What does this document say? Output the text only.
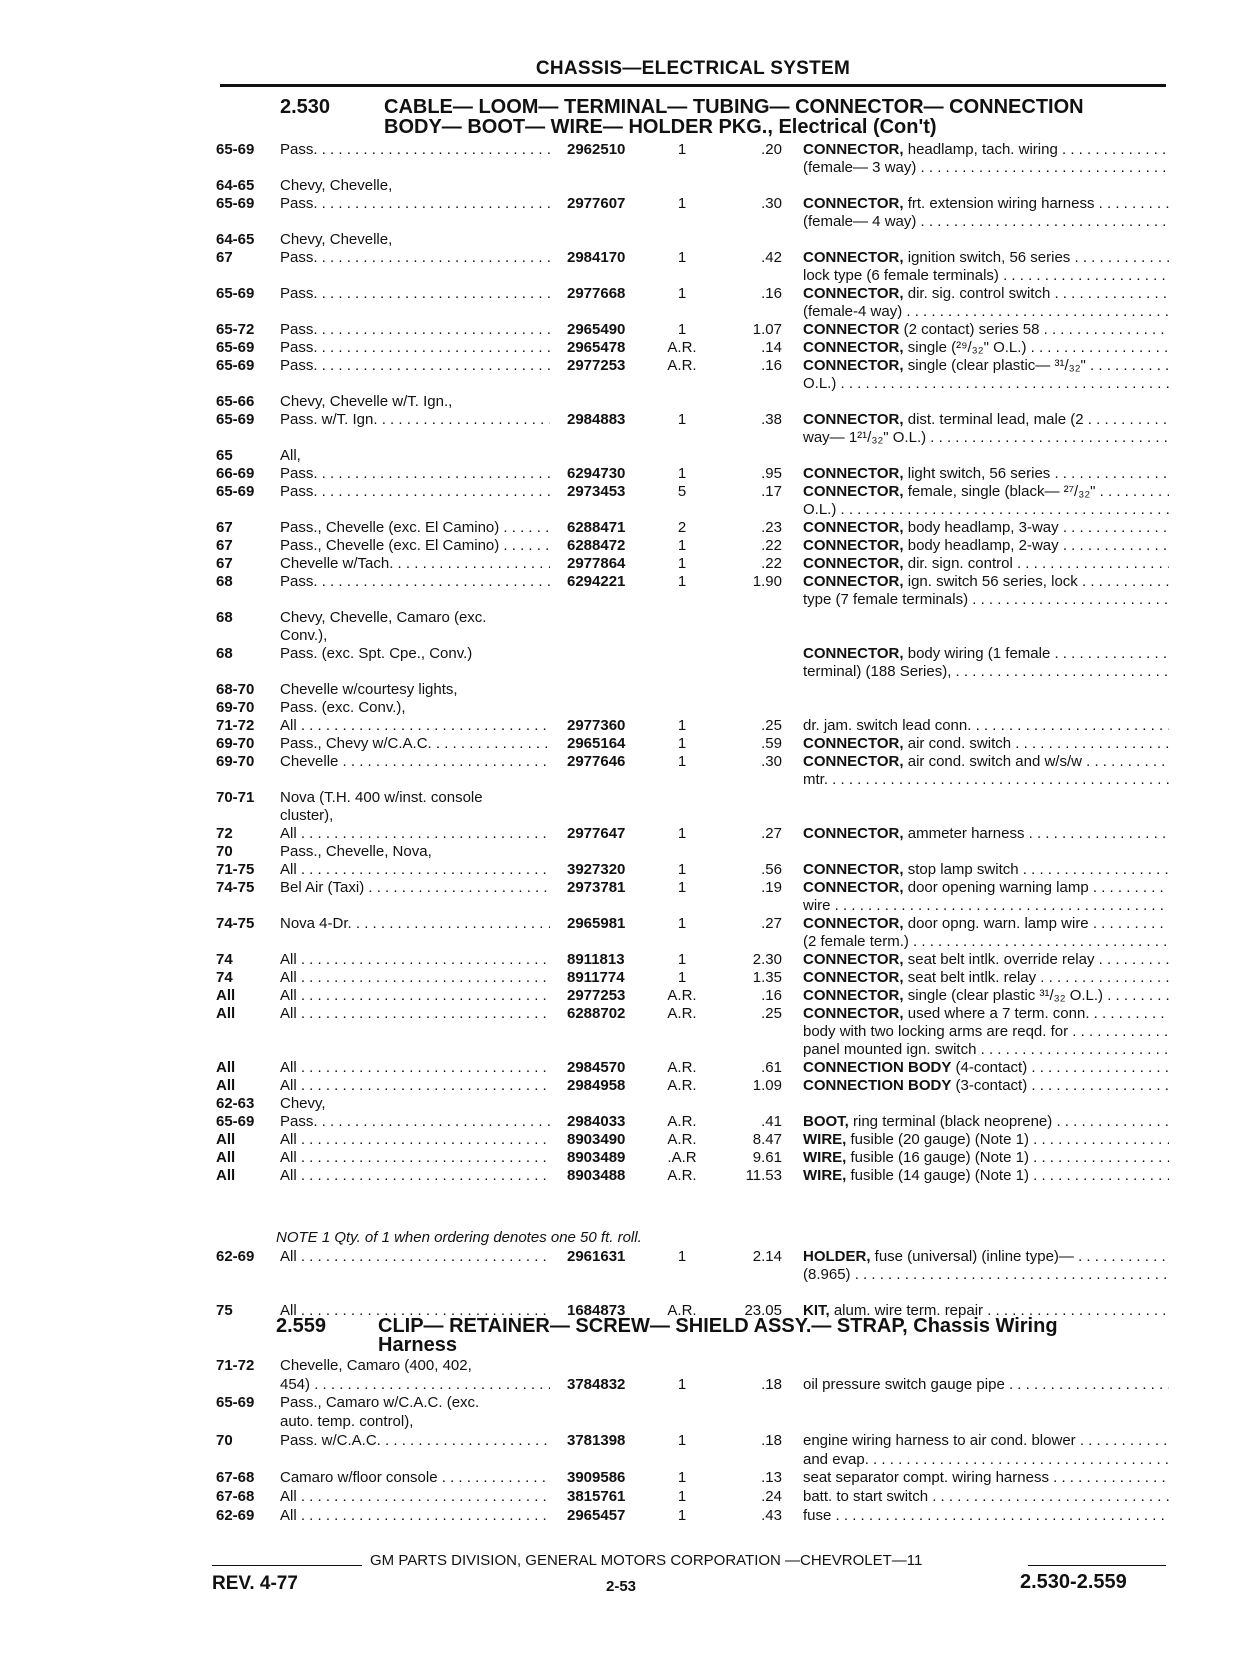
CHASSIS—ELECTRICAL SYSTEM
2.530	CABLE— LOOM— TERMINAL— TUBING— CONNECTOR— CONNECTION
BODY— BOOT— WIRE— HOLDER PKG., Electrical (Con't)
65-69	Pass. . . .	2962510	1	.20 CONNECTOR, headlamp, tach. wiring . . .
(female— 3 way) . . .
64-65	Chevy, Chevelle,
65-69	Pass. . . .	2977607	1	.30 CONNECTOR, frt. extension wiring harness . . .
(female— 4 way) . . .
64-65	Chevy, Chevelle,
67	Pass. . . .	2984170	1	.42 CONNECTOR, ignition switch, 56 series . . .
lock type (6 female terminals) . . .
65-69	Pass. . . .	2977668	1	.16 CONNECTOR, dir. sig. control switch . . .
(female-4 way) . . .
65-72	Pass. . . .	2965490	1	1.07 CONNECTOR (2 contact) series 58 . . .
65-69	Pass. . . .	2965478	A.R.	.14 CONNECTOR, single (²⁹/₃₂" O.L.) . . .
65-69	Pass. . . .	2977253	A.R.	.16 CONNECTOR, single (clear plastic— ³¹/₃₂" . . .
O.L.) . . .
65-66	Chevy, Chevelle w/T. Ign.,
65-69	Pass. w/T. Ign. . . .	2984883	1	.38 CONNECTOR, dist. terminal lead, male (2 . . .
way— 1²¹/₃₂" O.L.) . . .
65	All,
66-69	Pass. . . .	6294730	1	.95 CONNECTOR, light switch, 56 series . . .
65-69	Pass. . . .	2973453	5	.17 CONNECTOR, female, single (black— ²⁷/₃₂" . . .
O.L.) . . .
67	Pass., Chevelle (exc. El Camino) . . .	6288471	2	.23 CONNECTOR, body headlamp, 3-way . . .
67	Pass., Chevelle (exc. El Camino) . . .	6288472	1	.22 CONNECTOR, body headlamp, 2-way . . .
67	Chevelle w/Tach. . . .	2977864	1	.22 CONNECTOR, dir. sign. control . . .
68	Pass. . . .	6294221	1	1.90 CONNECTOR, ign. switch 56 series, lock . . .
type (7 female terminals) . . .
68	Chevy, Chevelle, Camaro (exc.
Conv.),
68	Pass. (exc. Spt. Cpe., Conv.)	CONNECTOR, body wiring (1 female . . .
terminal) (188 Series), . . .
68-70	Chevelle w/courtesy lights,
69-70	Pass. (exc. Conv.),
71-72	All . . .	2977360	1	.25 dr. jam. switch lead conn. . . .
69-70	Pass., Chevy w/C.A.C. . . .	2965164	1	.59 CONNECTOR, air cond. switch . . .
69-70	Chevelle . . .	2977646	1	.30 CONNECTOR, air cond. switch and w/s/w . . .
mtr. . . .
70-71	Nova (T.H. 400 w/inst. console
cluster),
72	All . . .	2977647	1	.27 CONNECTOR, ammeter harness . . .
70	Pass., Chevelle, Nova,
71-75	All . . .	3927320	1	.56 CONNECTOR, stop lamp switch . . .
74-75	Bel Air (Taxi) . . .	2973781	1	.19 CONNECTOR, door opening warning lamp . . .
wire . . .
74-75	Nova 4-Dr. . . .	2965981	1	.27 CONNECTOR, door opng. warn. lamp wire . . .
(2 female term.) . . .
74	All . . .	8911813	1	2.30 CONNECTOR, seat belt intlk. override relay . . .
74	All . . .	8911774	1	1.35 CONNECTOR, seat belt intlk. relay . . .
All	All . . .	2977253	A.R.	.16 CONNECTOR, single (clear plastic ³¹/₃₂ O.L.) . . .
All	All . . .	6288702	A.R.	.25 CONNECTOR, used where a 7 term. conn. . . .
body with two locking arms are reqd. for . . .
panel mounted ign. switch . . .
All	All . . .	2984570	A.R.	.61 CONNECTION BODY (4-contact) . . .
All	All . . .	2984958	A.R.	1.09 CONNECTION BODY (3-contact) . . .
62-63	Chevy,
65-69	Pass. . . .	2984033	A.R.	.41 BOOT, ring terminal (black neoprene) . . .
All	All . . .	8903490	A.R.	8.47 WIRE, fusible (20 gauge) (Note 1) . . .
All	All . . .	8903489	.A.R	9.61 WIRE, fusible (16 gauge) (Note 1) . . .
All	All . . .	8903488	A.R.	11.53 WIRE, fusible (14 gauge) (Note 1) . . .
NOTE 1 Qty. of 1 when ordering denotes one 50 ft. roll.
62-69	All . . .	2961631	1	2.14 HOLDER, fuse (universal) (inline type)— . . .
(8.965) . . .
75	All . . .	1684873	A.R.	23.05 KIT, alum. wire term. repair . . .
2.559	CLIP— RETAINER— SCREW— SHIELD ASSY.— STRAP, Chassis Wiring
Harness
71-72	Chevelle, Camaro (400, 402,
454) . . .	3784832	1	.18 oil pressure switch gauge pipe . . .
65-69	Pass., Camaro w/C.A.C. (exc.
auto. temp. control),
70	Pass. w/C.A.C. . . .	3781398	1	.18 engine wiring harness to air cond. blower . . .
and evap. . . .
67-68	Camaro w/floor console . . .	3909586	1	.13 seat separator compt. wiring harness . . .
67-68	All . . .	3815761	1	.24 batt. to start switch . . .
62-69	All . . .	2965457	1	.43 fuse . . .
GM PARTS DIVISION, GENERAL MOTORS CORPORATION —CHEVROLET—11
REV. 4-77	2-53	2.530-2.559
